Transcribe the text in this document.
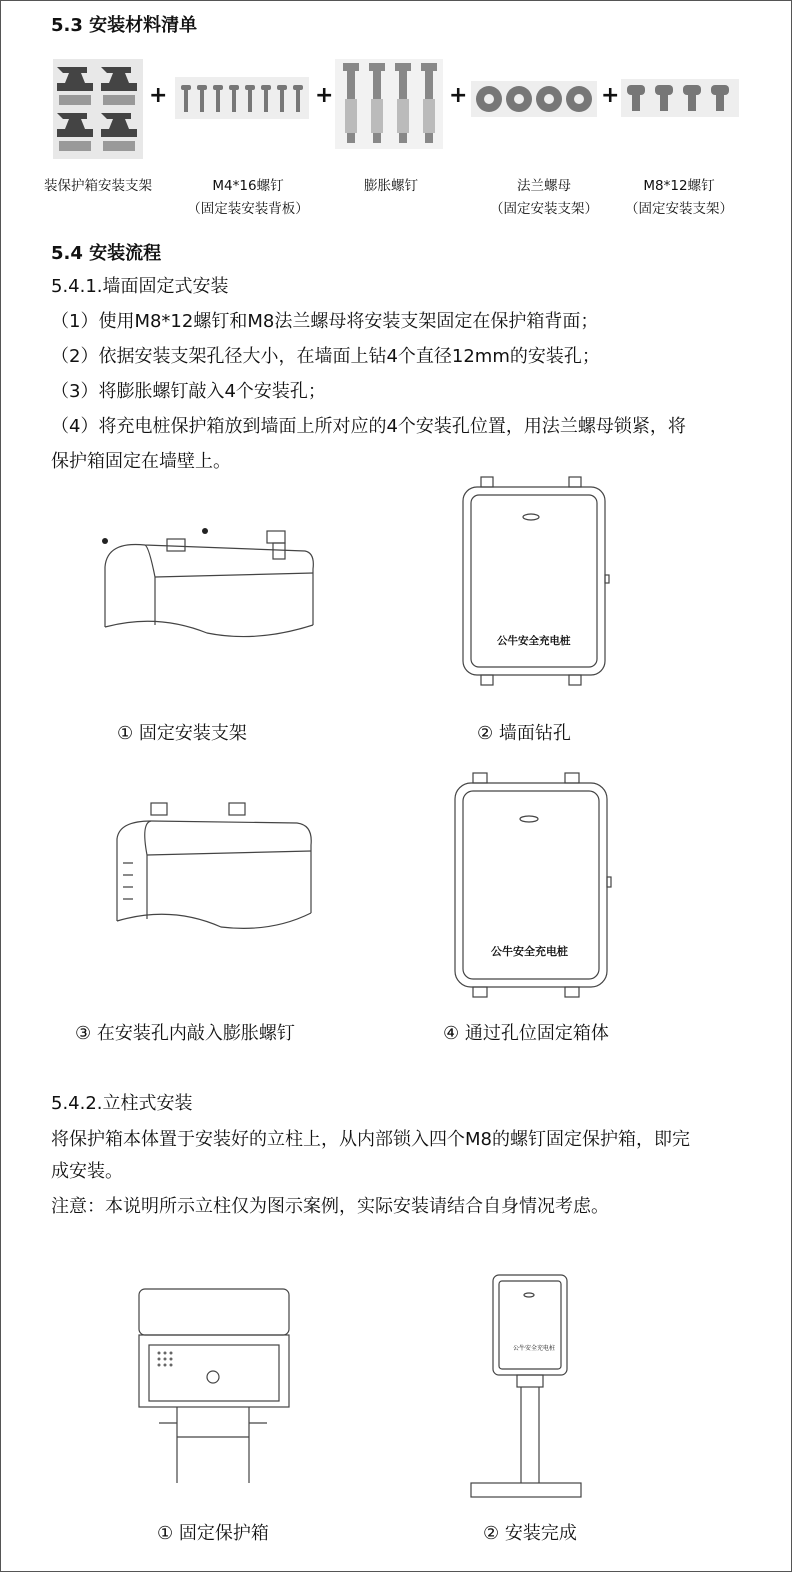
5.3 安装材料清单
+	+	+	+
装保护箱安装支架	M4*16螺钉
（固定装安装背板）
膨胀螺钉	法兰螺母
（固定安装支架）
M8*12螺钉
（固定安装支架）
5.4 安装流程
5.4.1.墙面固定式安装
（1）使用M8*12螺钉和M8法兰螺母将安装支架固定在保护箱背面；
（2）依据安装支架孔径大小，在墙面上钻4个直径12mm的安装孔；
（3）将膨胀螺钉敲入4个安装孔；
（4）将充电桩保护箱放到墙面上所对应的4个安装孔位置，用法兰螺母锁紧，将
保护箱固定在墙壁上。
公牛安全充电桩
① 固定安装支架	② 墙面钻孔
公牛安全充电桩
③ 在安装孔内敲入膨胀螺钉	④ 通过孔位固定箱体
5.4.2.立柱式安装
将保护箱本体置于安装好的立柱上，从内部锁入四个M8的螺钉固定保护箱，即完
成安装。
注意：本说明所示立柱仅为图示案例，实际安装请结合自身情况考虑。
公牛安全充电桩
① 固定保护箱	② 安装完成
